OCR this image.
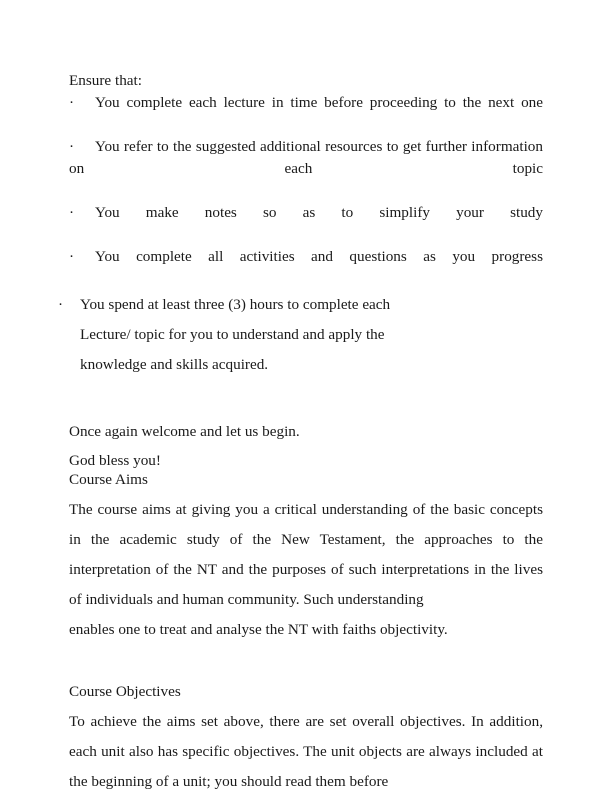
Ensure that:
· You complete each lecture in time before proceeding to the next one
· You refer to the suggested additional resources to get further information on each topic
· You make notes so as to simplify your study
· You complete all activities and questions as you progress
· You spend at least three (3) hours to complete each
Lecture/ topic for you to understand and apply the
knowledge and skills acquired.
Once again welcome and let us begin.
God bless you!
Course Aims
The course aims at giving you a critical understanding of the basic concepts in the academic study of the New Testament, the approaches to the interpretation of the NT and the purposes of such interpretations in the lives of individuals and human community. Such understanding
enables one to treat and analyse the NT with faiths objectivity.
Course Objectives
To achieve the aims set above, there are set overall objectives. In addition, each unit also has specific objectives. The unit objects are always included at the beginning of a unit; you should read them before
